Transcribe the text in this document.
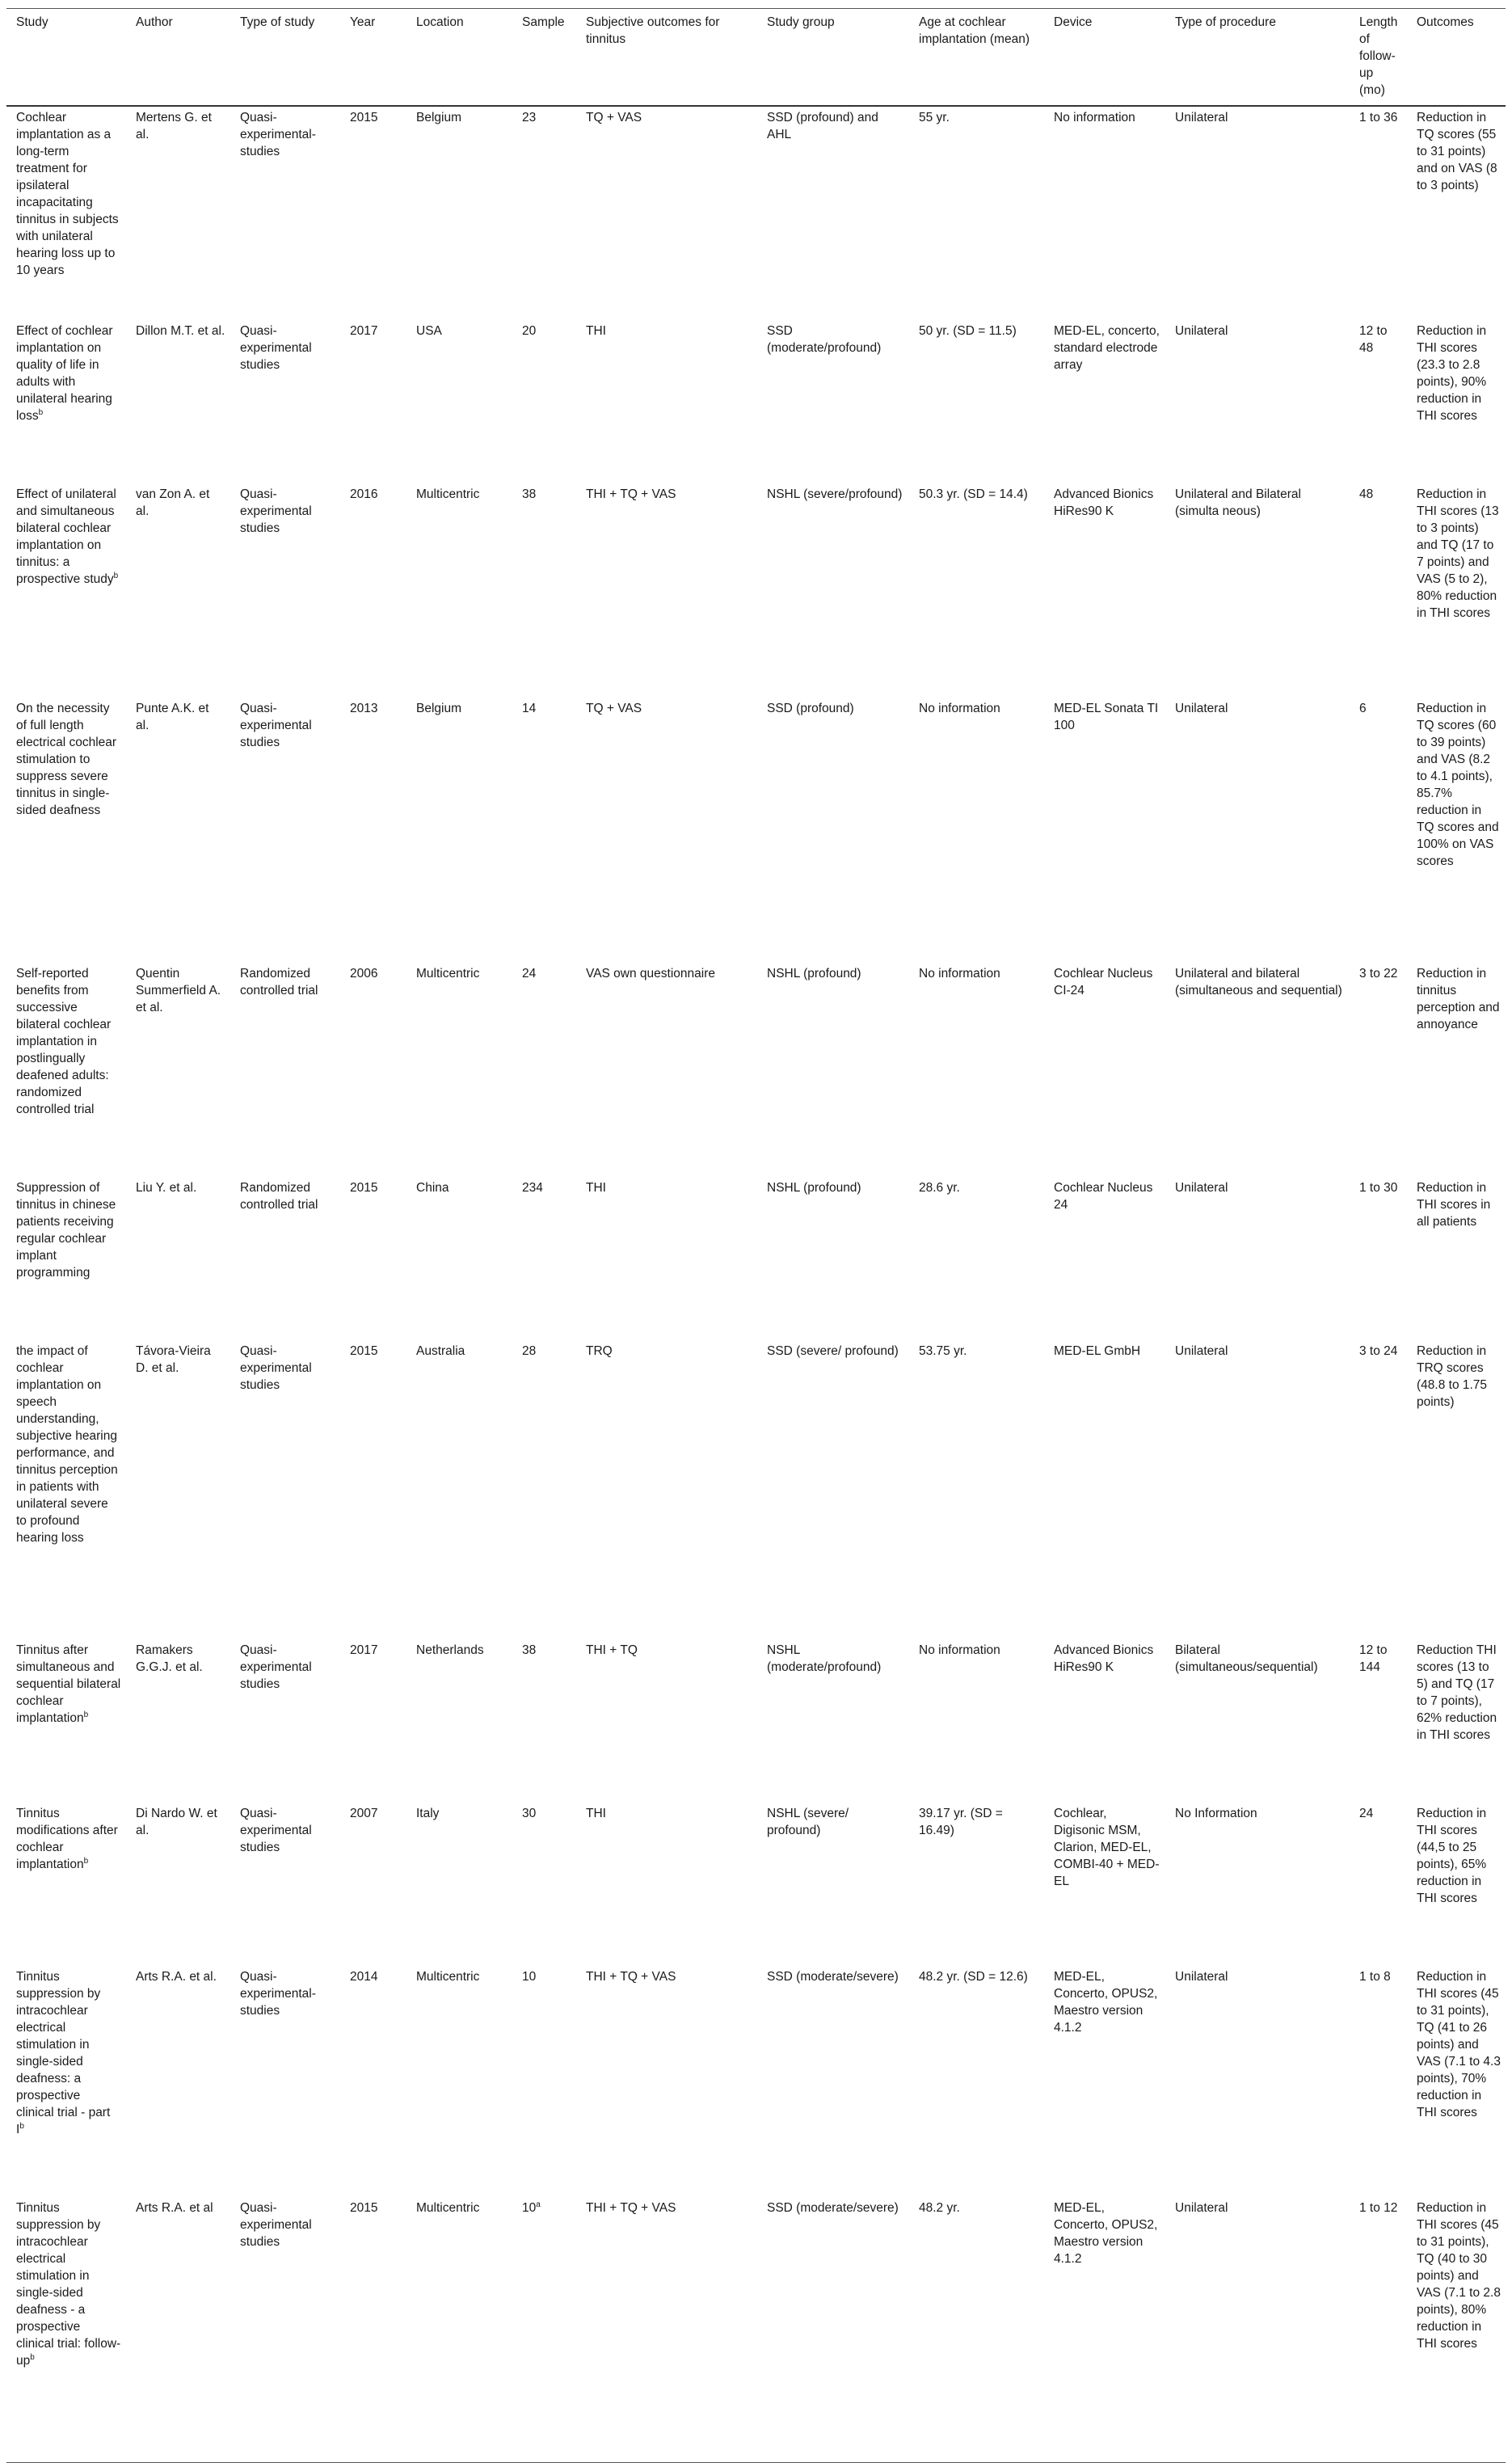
Study	Author	Type of study	Year	Location	Sample	Subjective outcomes for tinnitus	Study group	Age at cochlear implantation (mean)	Device	Type of procedure	Length of follow-up (mo)	Outcomes
Cochlear implantation as a long-term treatment for ipsilateral incapacitating tinnitus in subjects with unilateral hearing loss up to 10 years	Mertens G. et al.	Quasi-experimental-studies	2015	Belgium	23	TQ + VAS	SSD (profound) and AHL	55 yr.	No information	Unilateral	1 to 36	Reduction in TQ scores (55 to 31 points) and on VAS (8 to 3 points)
Effect of cochlear implantation on quality of life in adults with unilateral hearing loss$^b$	Dillon M.T. et al.	Quasi-experimental studies	2017	USA	20	THI	SSD (moderate/profound)	50 yr. (SD = 11.5)	MED-EL, concerto, standard electrode array	Unilateral	12 to 48	Reduction in THI scores (23.3 to 2.8 points), 90% reduction in THI scores
Effect of unilateral and simultaneous bilateral cochlear implantation on tinnitus: a prospective study$^b$	van Zon A. et al.	Quasi-experimental studies	2016	Multicentric	38	THI + TQ + VAS	NSHL (severe/profound)	50.3 yr. (SD = 14.4)	Advanced Bionics HiRes90 K	Unilateral and Bilateral (simulta neous)	48	Reduction in THI scores (13 to 3 points) and TQ (17 to 7 points) and VAS (5 to 2), 80% reduction in THI scores
On the necessity of full length electrical cochlear stimulation to suppress severe tinnitus in single-sided deafness	Punte A.K. et al.	Quasi-experimental studies	2013	Belgium	14	TQ + VAS	SSD (profound)	No information	MED-EL Sonata TI 100	Unilateral	6	Reduction in TQ scores (60 to 39 points) and VAS (8.2 to 4.1 points), 85.7% reduction in TQ scores and 100% on VAS scores
Self-reported benefits from successive bilateral cochlear implantation in postlingually deafened adults: randomized controlled trial	Quentin Summerfield A. et al.	Randomized controlled trial	2006	Multicentric	24	VAS own questionnaire	NSHL (profound)	No information	Cochlear Nucleus CI-24	Unilateral and bilateral (simultaneous and sequential)	3 to 22	Reduction in tinnitus perception and annoyance
Suppression of tinnitus in chinese patients receiving regular cochlear implant programming	Liu Y. et al.	Randomized controlled trial	2015	China	234	THI	NSHL (profound)	28.6 yr.	Cochlear Nucleus 24	Unilateral	1 to 30	Reduction in THI scores in all patients
the impact of cochlear implantation on speech understanding, subjective hearing performance, and tinnitus perception in patients with unilateral severe to profound hearing loss	Távora-Vieira D. et al.	Quasi-experimental studies	2015	Australia	28	TRQ	SSD (severe/ profound)	53.75 yr.	MED-EL GmbH	Unilateral	3 to 24	Reduction in TRQ scores (48.8 to 1.75 points)
Tinnitus after simultaneous and sequential bilateral cochlear implantation$^b$	Ramakers G.G.J. et al.	Quasi-experimental studies	2017	Netherlands	38	THI + TQ	NSHL (moderate/profound)	No information	Advanced Bionics HiRes90 K	Bilateral (simultaneous/sequential)	12 to 144	Reduction THI scores (13 to 5) and TQ (17 to 7 points), 62% reduction in THI scores
Tinnitus modifications after cochlear implantation$^b$	Di Nardo W. et al.	Quasi-experimental studies	2007	Italy	30	THI	NSHL (severe/ profound)	39.17 yr. (SD = 16.49)	Cochlear, Digisonic MSM, Clarion, MED-EL, COMBI-40 + MED-EL	No Information	24	Reduction in THI scores (44,5 to 25 points), 65% reduction in THI scores
Tinnitus suppression by intracochlear electrical stimulation in single-sided deafness: a prospective clinical trial - part $I^b$	Arts R.A. et al.	Quasi-experimental-studies	2014	Multicentric	10	THI + TQ + VAS	SSD (moderate/severe)	48.2 yr. (SD = 12.6)	MED-EL, Concerto, OPUS2, Maestro version 4.1.2	Unilateral	1 to 8	Reduction in THI scores (45 to 31 points), TQ (41 to 26 points) and VAS (7.1 to 4.3 points), 70% reduction in THI scores
Tinnitus suppression by intracochlear electrical stimulation in single-sided deafness - a prospective clinical trial: follow-$up^b$	Arts R.A. et al	Quasi-experimental studies	2015	Multicentric	10$^a$	THI + TQ + VAS	SSD (moderate/severe)	48.2 yr.	MED-EL, Concerto, OPUS2, Maestro version 4.1.2	Unilateral	1 to 12	Reduction in THI scores (45 to 31 points), TQ (40 to 30 points) and VAS (7.1 to 2.8 points), 80% reduction in THI scores
